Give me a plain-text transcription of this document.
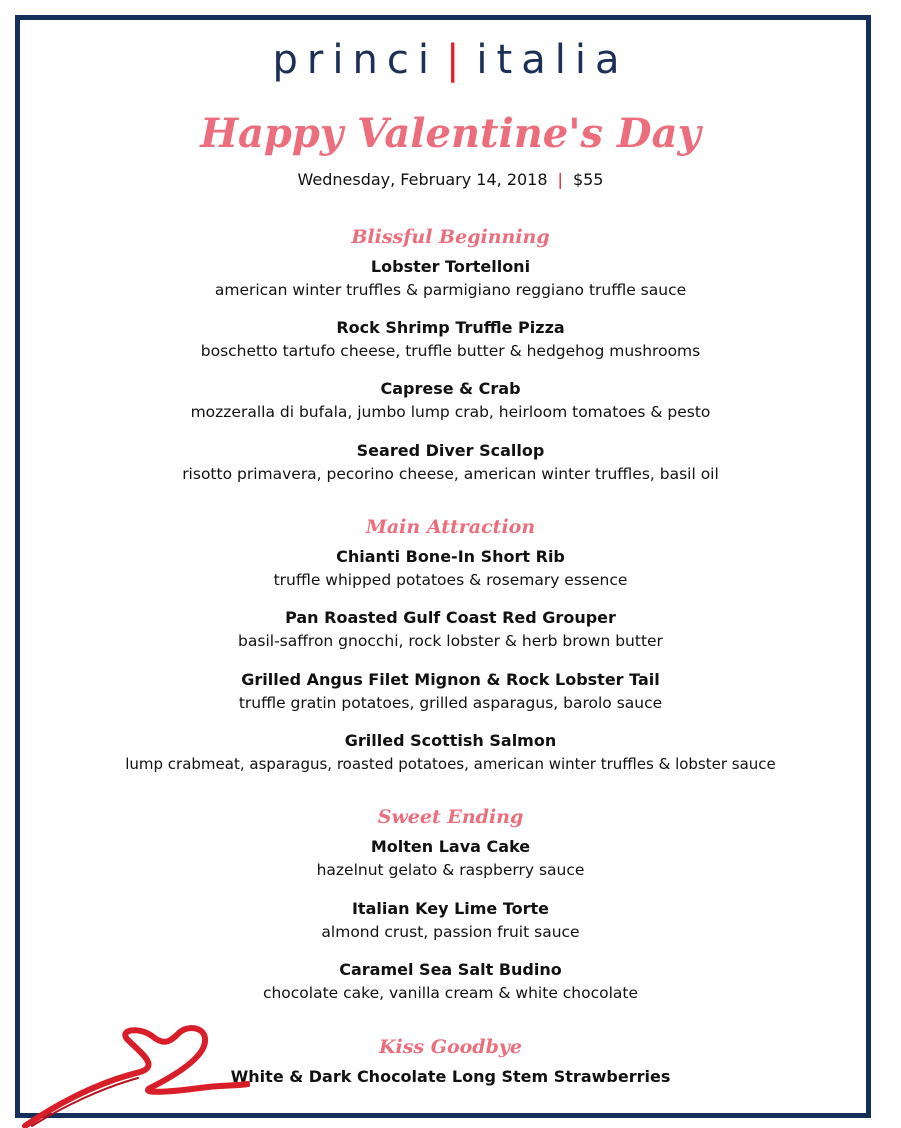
princi | italia
Happy Valentine's Day
Wednesday, February 14, 2018 | $55
Blissful Beginning
Lobster Tortelloni
american winter truffles & parmigiano reggiano truffle sauce
Rock Shrimp Truffle Pizza
boschetto tartufo cheese, truffle butter & hedgehog mushrooms
Caprese & Crab
mozzeralla di bufala, jumbo lump crab, heirloom tomatoes & pesto
Seared Diver Scallop
risotto primavera, pecorino cheese, american winter truffles, basil oil
Main Attraction
Chianti Bone-In Short Rib
truffle whipped potatoes & rosemary essence
Pan Roasted Gulf Coast Red Grouper
basil-saffron gnocchi, rock lobster & herb brown butter
Grilled Angus Filet Mignon & Rock Lobster Tail
truffle gratin potatoes, grilled asparagus, barolo sauce
Grilled Scottish Salmon
lump crabmeat, asparagus, roasted potatoes, american winter truffles & lobster sauce
Sweet Ending
Molten Lava Cake
hazelnut gelato & raspberry sauce
Italian Key Lime Torte
almond crust, passion fruit sauce
Caramel Sea Salt Budino
chocolate cake, vanilla cream & white chocolate
Kiss Goodbye
White & Dark Chocolate Long Stem Strawberries
